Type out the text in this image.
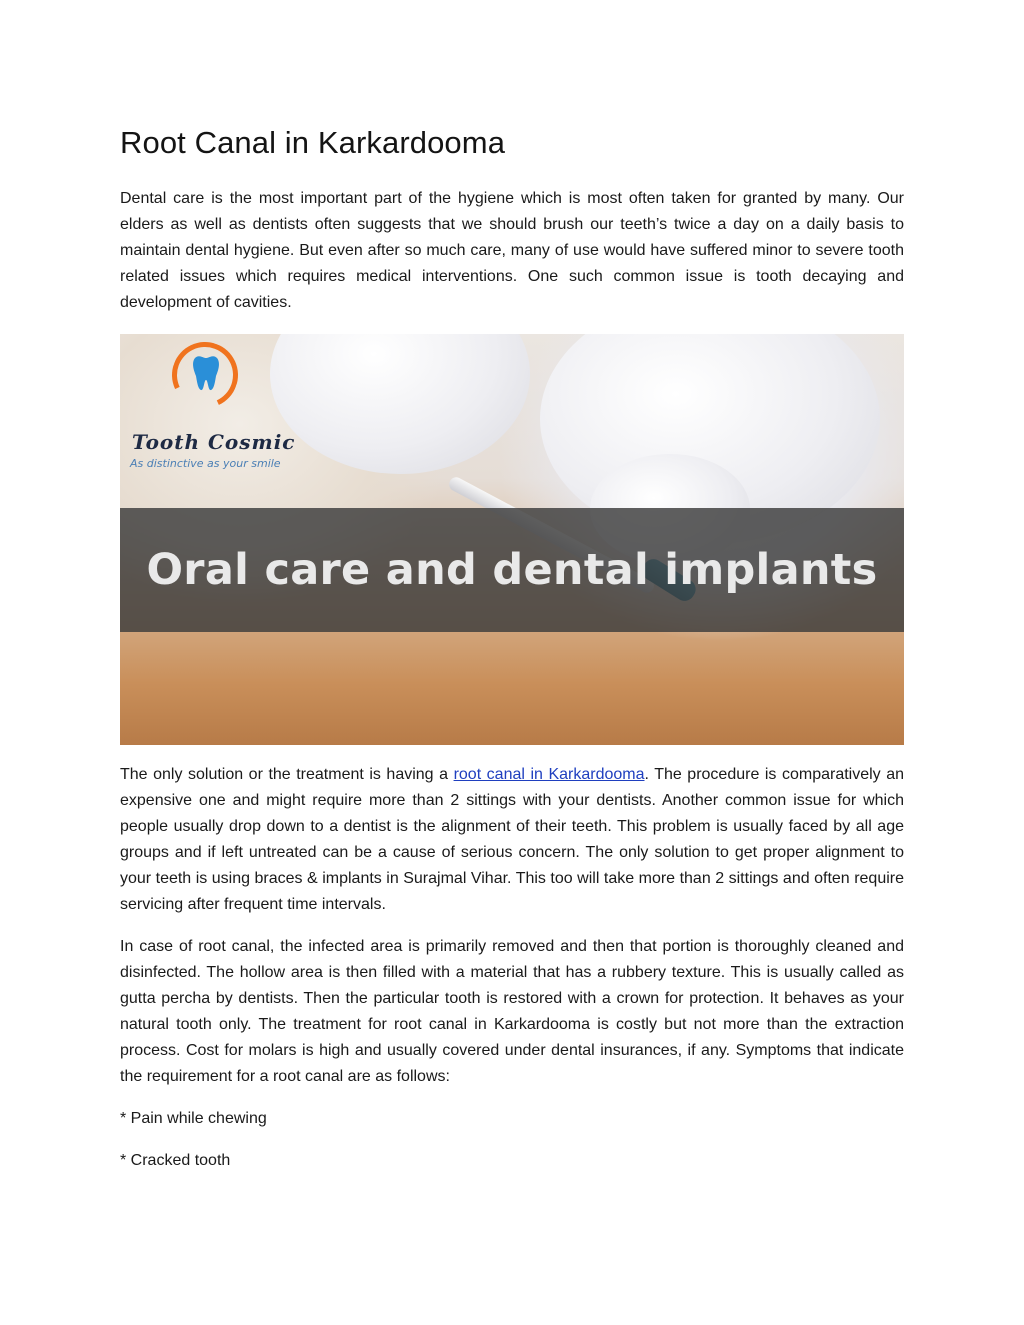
Root Canal in Karkardooma

Dental care is the most important part of the hygiene which is most often taken for granted by many. Our elders as well as dentists often suggests that we should brush our teeth’s twice a day on a daily basis to maintain dental hygiene. But even after so much care, many of use would have suffered minor to severe tooth related issues which requires medical interventions. One such common issue is tooth decaying and development of cavities.

Tooth Cosmic
As distinctive as your smile
Oral care and dental implants

The only solution or the treatment is having a root canal in Karkardooma. The procedure is comparatively an expensive one and might require more than 2 sittings with your dentists. Another common issue for which people usually drop down to a dentist is the alignment of their teeth. This problem is usually faced by all age groups and if left untreated can be a cause of serious concern. The only solution to get proper alignment to your teeth is using braces & implants in Surajmal Vihar. This too will take more than 2 sittings and often require servicing after frequent time intervals.

In case of root canal, the infected area is primarily removed and then that portion is thoroughly cleaned and disinfected. The hollow area is then filled with a material that has a rubbery texture. This is usually called as gutta percha by dentists. Then the particular tooth is restored with a crown for protection. It behaves as your natural tooth only. The treatment for root canal in Karkardooma is costly but not more than the extraction process. Cost for molars is high and usually covered under dental insurances, if any. Symptoms that indicate the requirement for a root canal are as follows:

* Pain while chewing

* Cracked tooth
